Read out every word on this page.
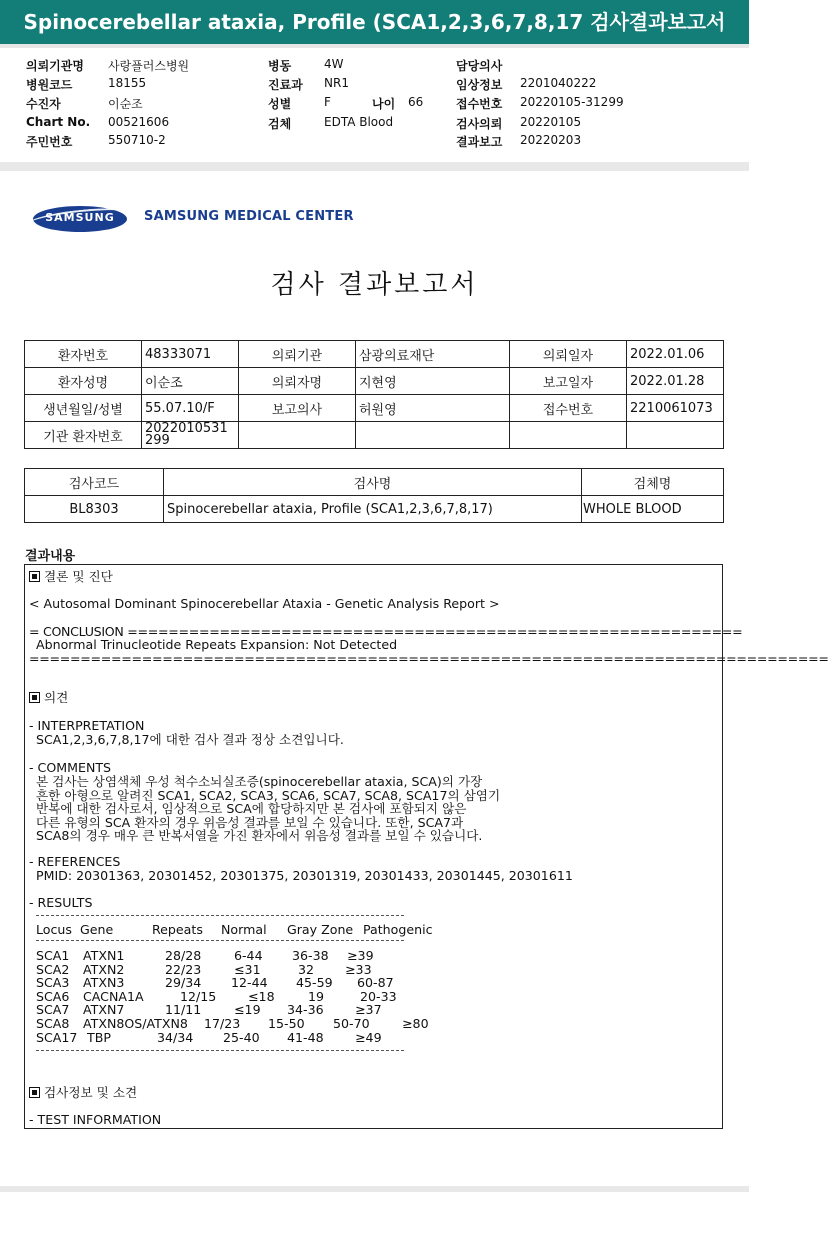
Spinocerebellar ataxia, Profile (SCA1,2,3,6,7,8,17 검사결과보고서
의뢰기관명 사랑플러스병원
병원코드	18155
수진자	이순조
Chart No. 00521606
주민번호	550710-2
병동	4W
진료과 NR1
성별	F
검체	EDTA Blood
담당의사
임상정보 2201040222
접수번호 20220105-31299
검사의뢰 20220105
결과보고 20220203
나이 66
SAMSUNG	SAMSUNG MEDICAL CENTER
검사 결과보고서
환자번호	48333071	의뢰기관	삼광의료재단	의뢰일자	2022.01.06
환자성명	이순조	의뢰자명	지현영	보고일자	2022.01.28
생년월일/성별	55.07.10/F	보고의사	허원영	접수번호	2210061073
기관 환자번호	2022010531299				
검사코드	검사명	검체명
BL8303	Spinocerebellar ataxia, Profile (SCA1,2,3,6,7,8,17)	WHOLE BLOOD
결과내용
결론 및 진단
< Autosomal Dominant Spinocerebellar Ataxia - Genetic Analysis Report >
= CONCLUSION ============================================================
Abnormal Trinucleotide Repeats Expansion: Not Detected
==============================================================================
의견
- INTERPRETATION
SCA1,2,3,6,7,8,17에 대한 검사 결과 정상 소견입니다.
- COMMENTS
본 검사는 상염색체 우성 척수소뇌실조증(spinocerebellar ataxia, SCA)의 가장
흔한 아형으로 알려진 SCA1, SCA2, SCA3, SCA6, SCA7, SCA8, SCA17의 삼염기
반복에 대한 검사로서, 임상적으로 SCA에 합당하지만 본 검사에 포함되지 않은
다른 유형의 SCA 환자의 경우 위음성 결과를 보일 수 있습니다. 또한, SCA7과
SCA8의 경우 매우 큰 반복서열을 가진 환자에서 위음성 결과를 보일 수 있습니다.
- REFERENCES
PMID: 20301363, 20301452, 20301375, 20301319, 20301433, 20301445, 20301611
- RESULTS
Locus Gene	Repeats Normal Gray Zone Pathogenic
SCA1 ATXN1	28/28	6-44 36-38 ≥39
SCA2 ATXN2	22/23	≤31	32 ≥33
SCA3 ATXN3	29/34 12-44 45-59 60-87
SCA6 CACNA1A	12/15	≤18	19	20-33
SCA7 ATXN7	11/11	≤19 34-36 ≥37
SCA8 ATXN8OS/ATXN8 17/23 15-50 50-70	≥80
SCA17 TBP	34/34 25-40 41-48 ≥49
검사정보 및 소견
- TEST INFORMATION
